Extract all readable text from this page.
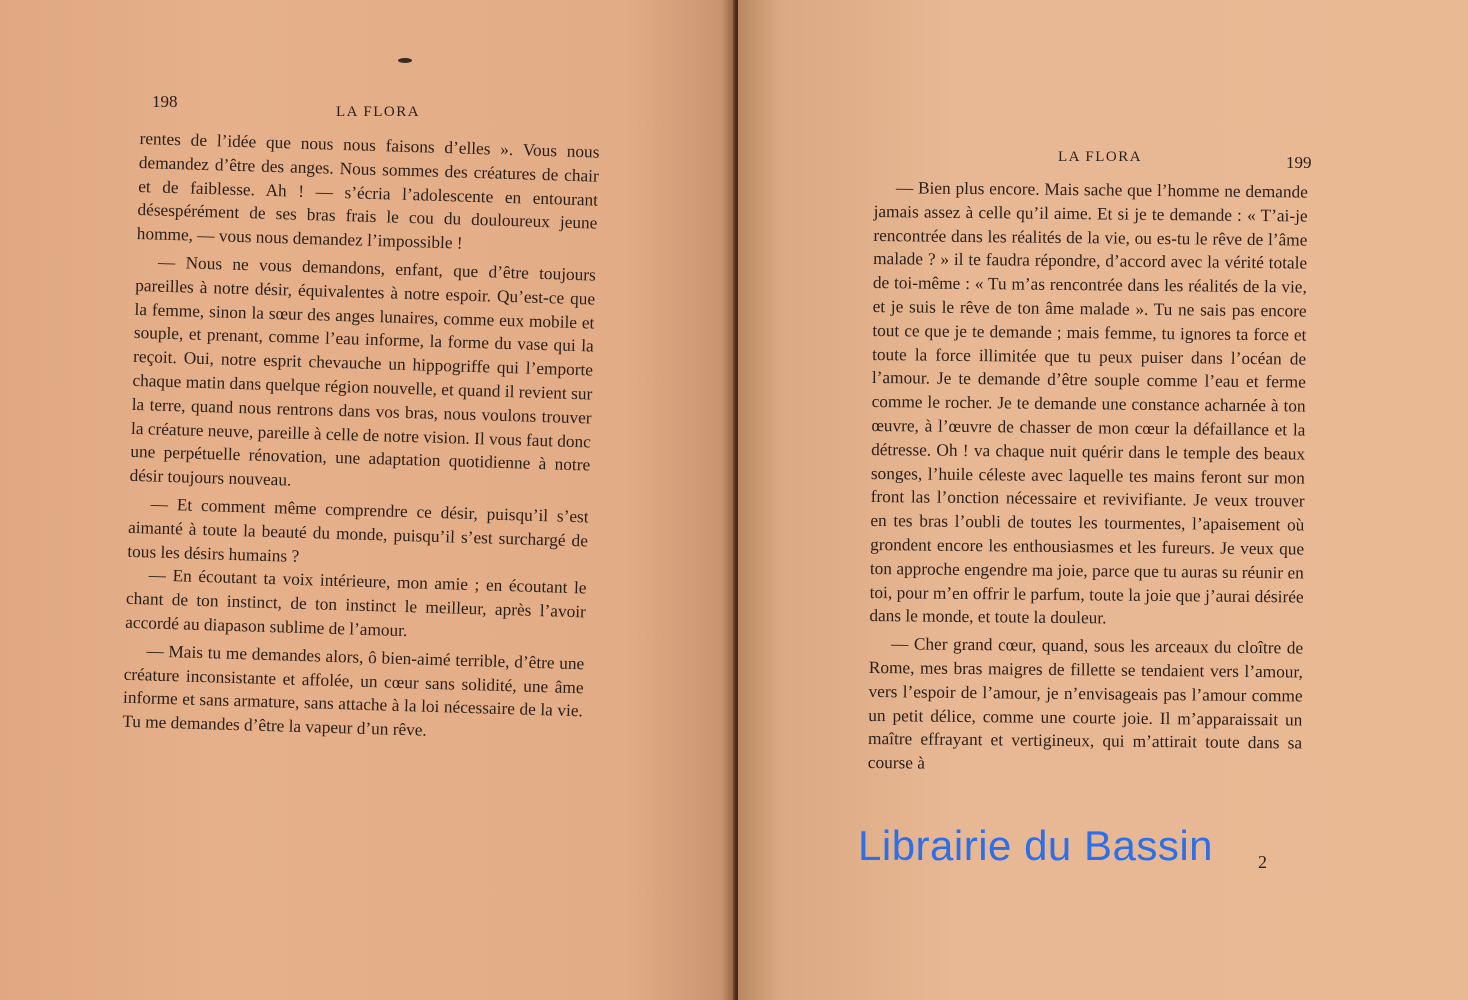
198
LA FLORA

rentes de l’idée que nous nous faisons d’elles ». Vous nous demandez d’être des anges. Nous sommes des créatures de chair et de faiblesse. Ah ! — s’écria l’adolescente en entourant désespérément de ses bras frais le cou du douloureux jeune homme, — vous nous demandez l’impossible !

— Nous ne vous demandons, enfant, que d’être toujours pareilles à notre désir, équivalentes à notre espoir. Qu’est-ce que la femme, sinon la sœur des anges lunaires, comme eux mobile et souple, et prenant, comme l’eau informe, la forme du vase qui la reçoit. Oui, notre esprit chevauche un hippogriffe qui l’emporte chaque matin dans quelque région nouvelle, et quand il revient sur la terre, quand nous rentrons dans vos bras, nous voulons trouver la créature neuve, pareille à celle de notre vision. Il vous faut donc une perpétuelle rénovation, une adaptation quotidienne à notre désir toujours nouveau.

— Et comment même comprendre ce désir, puisqu’il s’est aimanté à toute la beauté du monde, puisqu’il s’est surchargé de tous les désirs humains ?

— En écoutant ta voix intérieure, mon amie ; en écoutant le chant de ton instinct, de ton instinct le meilleur, après l’avoir accordé au diapason sublime de l’amour.

— Mais tu me demandes alors, ô bien-aimé terrible, d’être une créature inconsistante et affolée, un cœur sans solidité, une âme informe et sans armature, sans attache à la loi nécessaire de la vie. Tu me demandes d’être la vapeur d’un rêve.

LA FLORA	199

— Bien plus encore. Mais sache que l’homme ne demande jamais assez à celle qu’il aime. Et si je te demande : « T’ai-je rencontrée dans les réalités de la vie, ou es-tu le rêve de l’âme malade ? » il te faudra répondre, d’accord avec la vérité totale de toi-même : « Tu m’as rencontrée dans les réalités de la vie, et je suis le rêve de ton âme malade ». Tu ne sais pas encore tout ce que je te demande ; mais femme, tu ignores ta force et toute la force illimitée que tu peux puiser dans l’océan de l’amour. Je te demande d’être souple comme l’eau et ferme comme le rocher. Je te demande une constance acharnée à ton œuvre, à l’œuvre de chasser de mon cœur la défaillance et la détresse. Oh ! va chaque nuit quérir dans le temple des beaux songes, l’huile céleste avec laquelle tes mains feront sur mon front las l’onction nécessaire et revivifiante. Je veux trouver en tes bras l’oubli de toutes les tourmentes, l’apaisement où grondent encore les enthousiasmes et les fureurs. Je veux que ton approche engendre ma joie, parce que tu auras su réunir en toi, pour m’en offrir le parfum, toute la joie que j’aurai désirée dans le monde, et toute la douleur.

— Cher grand cœur, quand, sous les arceaux du cloître de Rome, mes bras maigres de fillette se tendaient vers l’amour, vers l’espoir de l’amour, je n’envisageais pas l’amour comme un petit délice, comme une courte joie. Il m’apparaissait un maître effrayant et vertigineux, qui m’attirait toute dans sa course à

2
Librairie du Bassin
